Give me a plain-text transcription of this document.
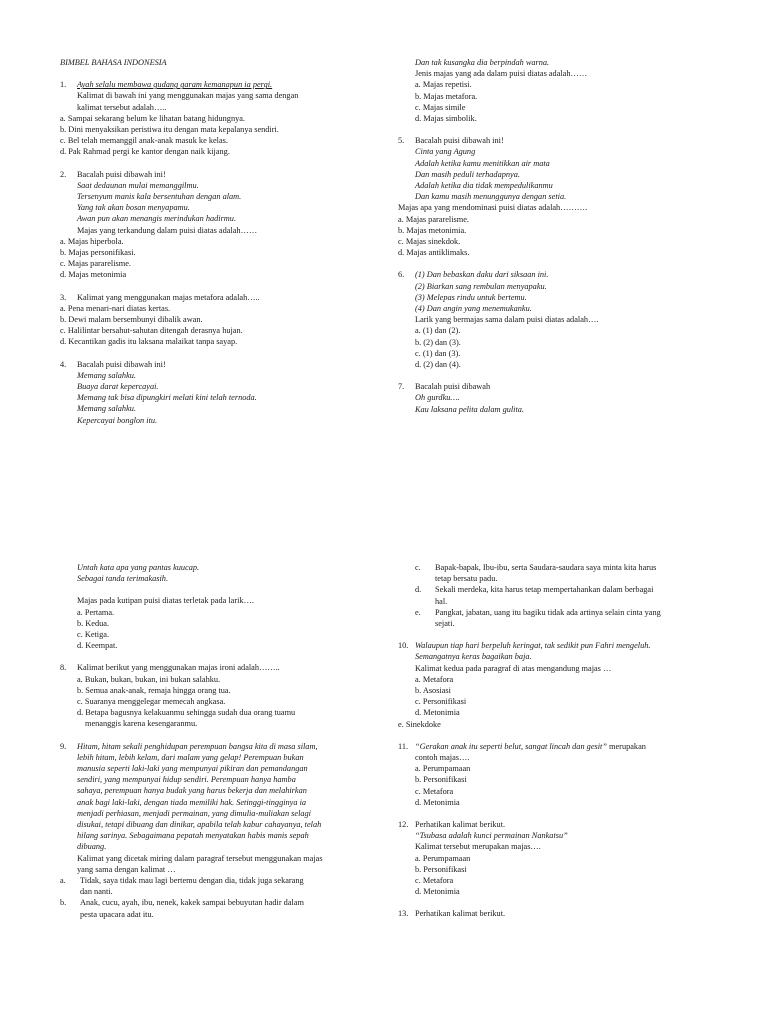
BIMBEL BAHASA INDONESIA
1.	Ayah selalu membawa gudang garam kemanapun ia pergi.
Kalimat di bawah ini yang menggunakan majas yang sama dengan
kalimat tersebut adalah…..
a. Sampai sekarang belum ke lihatan batang hidungnya.
b. Dini menyaksikan peristiwa itu dengan mata kepalanya sendiri.
c. Bel telah memanggil anak-anak masuk ke kelas.
d. Pak Rahmad pergi ke kantor dengan naik kijang.
2.	Bacalah puisi dibawah ini!
Saat dedaunan mulai memanggilmu.
Tersenyum manis kala bersentuhan dengan alam.
Yang tak akan bosan menyapamu.
Awan pun akan menangis merindukan hadirmu.
Majas yang terkandung dalam puisi diatas adalah……
a. Majas hiperbola.
b. Majas personifikasi.
c. Majas pararelisme.
d. Majas metonimia
3.	Kalimat yang menggunakan majas metafora adalah…..
a. Pena menari-nari diatas kertas.
b. Dewi malam bersembunyi dibalik awan.
c. Halilintar bersahut-sahutan ditengah derasnya hujan.
d. Kecantikan gadis itu laksana malaikat tanpa sayap.
4.	Bacalah puisi dibawah ini!
Memang salahku.
Buaya darat kepercayai.
Memang tak bisa dipungkiri melati kini telah ternoda.
Memang salahku.
Kepercayai bonglon itu.
Dan tak kusangka dia berpindah warna.
Jenis majas yang ada dalam puisi diatas adalah……
a. Majas repetisi.
b. Majas metafora.
c. Majas simile
d. Majas simbolik.
5.	Bacalah puisi dibawah ini!
Cinta yang Agung
Adalah ketika kamu menitikkan air mata
Dan masih peduli terhadapnya.
Adalah ketika dia tidak mempedulikanmu
Dan kamu masih menunggunya dengan setia.
Majas apa yang mendominasi puisi diatas adalah……….
a. Majas pararelisme.
b. Majas metonimia.
c. Majas sinekdok.
d. Majas antiklimaks.
6.	(1) Dan bebaskan daku dari siksaan ini.
(2) Biarkan sang rembulan menyapaku.
(3) Melepas rindu untuk bertemu.
(4) Dan angin yang menemukanku.
Larik yang bermajas sama dalam puisi diatas adalah….
a. (1) dan (2).
b. (2) dan (3).
c. (1) dan (3).
d. (2) dan (4).
7.	Bacalah puisi dibawah
Oh gurdku….
Kau laksana pelita dalam gulita.
Untah kata apa yang pantas kuucap.
Sebagai tanda terimakasih.
Majas pada kutipan puisi diatas terletak pada larik….
a. Pertama.
b. Kedua.
c. Ketiga.
d. Keempat.
8.	Kalimat berikut yang menggunakan majas ironi adalah……..
a. Bukan, bukan, bukan, ini bukan salahku.
b. Semua anak-anak, remaja hingga orang tua.
c. Suaranya menggelegar memecah angkasa.
d. Betapa bagusnya kelakuanmu sehingga sudah dua orang tuamu
menanggis karena kesengaranmu.
9.	Hitam, hitam sekali penghidupan perempuan bangsa kita di masa silam,
lebih hitam, lebih kelam, dari malam yang gelap! Perempuan bukan
manusia seperti laki-laki yang mempunyai pikiran dan pemandangan
sendiri, yang mempunyai hidup sendiri. Perempuan hanya hamba
sahaya, perempuan hanya budak yang harus bekerja dan melahirkan
anak bagi laki-laki, dengan tiada memiliki hak. Setinggi-tingginya ia
menjadi perhiasan, menjadi permainan, yang dimulia-muliakan selagi
disukai, tetapi dibuang dan dinikar, apabila telah kabur cahayanya, telah
hilang sarinya. Sebagaimana pepatah menyatakan habis manis sepah
dibuang.
Kalimat yang dicetak miring dalam paragraf tersebut menggunakan majas
yang sama dengan kalimat …
a.	Tidak, saya tidak mau lagi bertemu dengan dia, tidak juga sekarang
dan nanti.
b.	Anak, cucu, ayah, ibu, nenek, kakek sampai bebuyutan hadir dalam
pesta upacara adat itu.
c.	Bapak-bapak, Ibu-ibu, serta Saudara-saudara saya minta kita harus
tetap bersatu padu.
d.	Sekali merdeka, kita harus tetap mempertahankan dalam berbagai
hal.
e.	Pangkat, jabatan, uang itu bagiku tidak ada artinya selain cinta yang
sejati.
10. Walaupun tiap hari berpeluh keringat, tak sedikit pun Fahri mengeluh.
Semangatnya keras bagaikan baja.
Kalimat kedua pada paragraf di atas mengandung majas …
a. Metafora
b. Asosiasi
c. Personifikasi
d. Metonimia
e. Sinekdoke
11. “Gerakan anak itu seperti belut, sangat lincah dan gesit” merupakan
contoh majas….
a. Perumpamaan
b. Personifikasi
c. Metafora
d. Metonimia
12. Perhatikan kalimat berikut.
“Tsubasa adalah kunci permainan Nankatsu”
Kalimat tersebut merupakan majas….
a. Perumpamaan
b. Personifikasi
c. Metafora
d. Metonimia
13. Perhatikan kalimat berikut.
